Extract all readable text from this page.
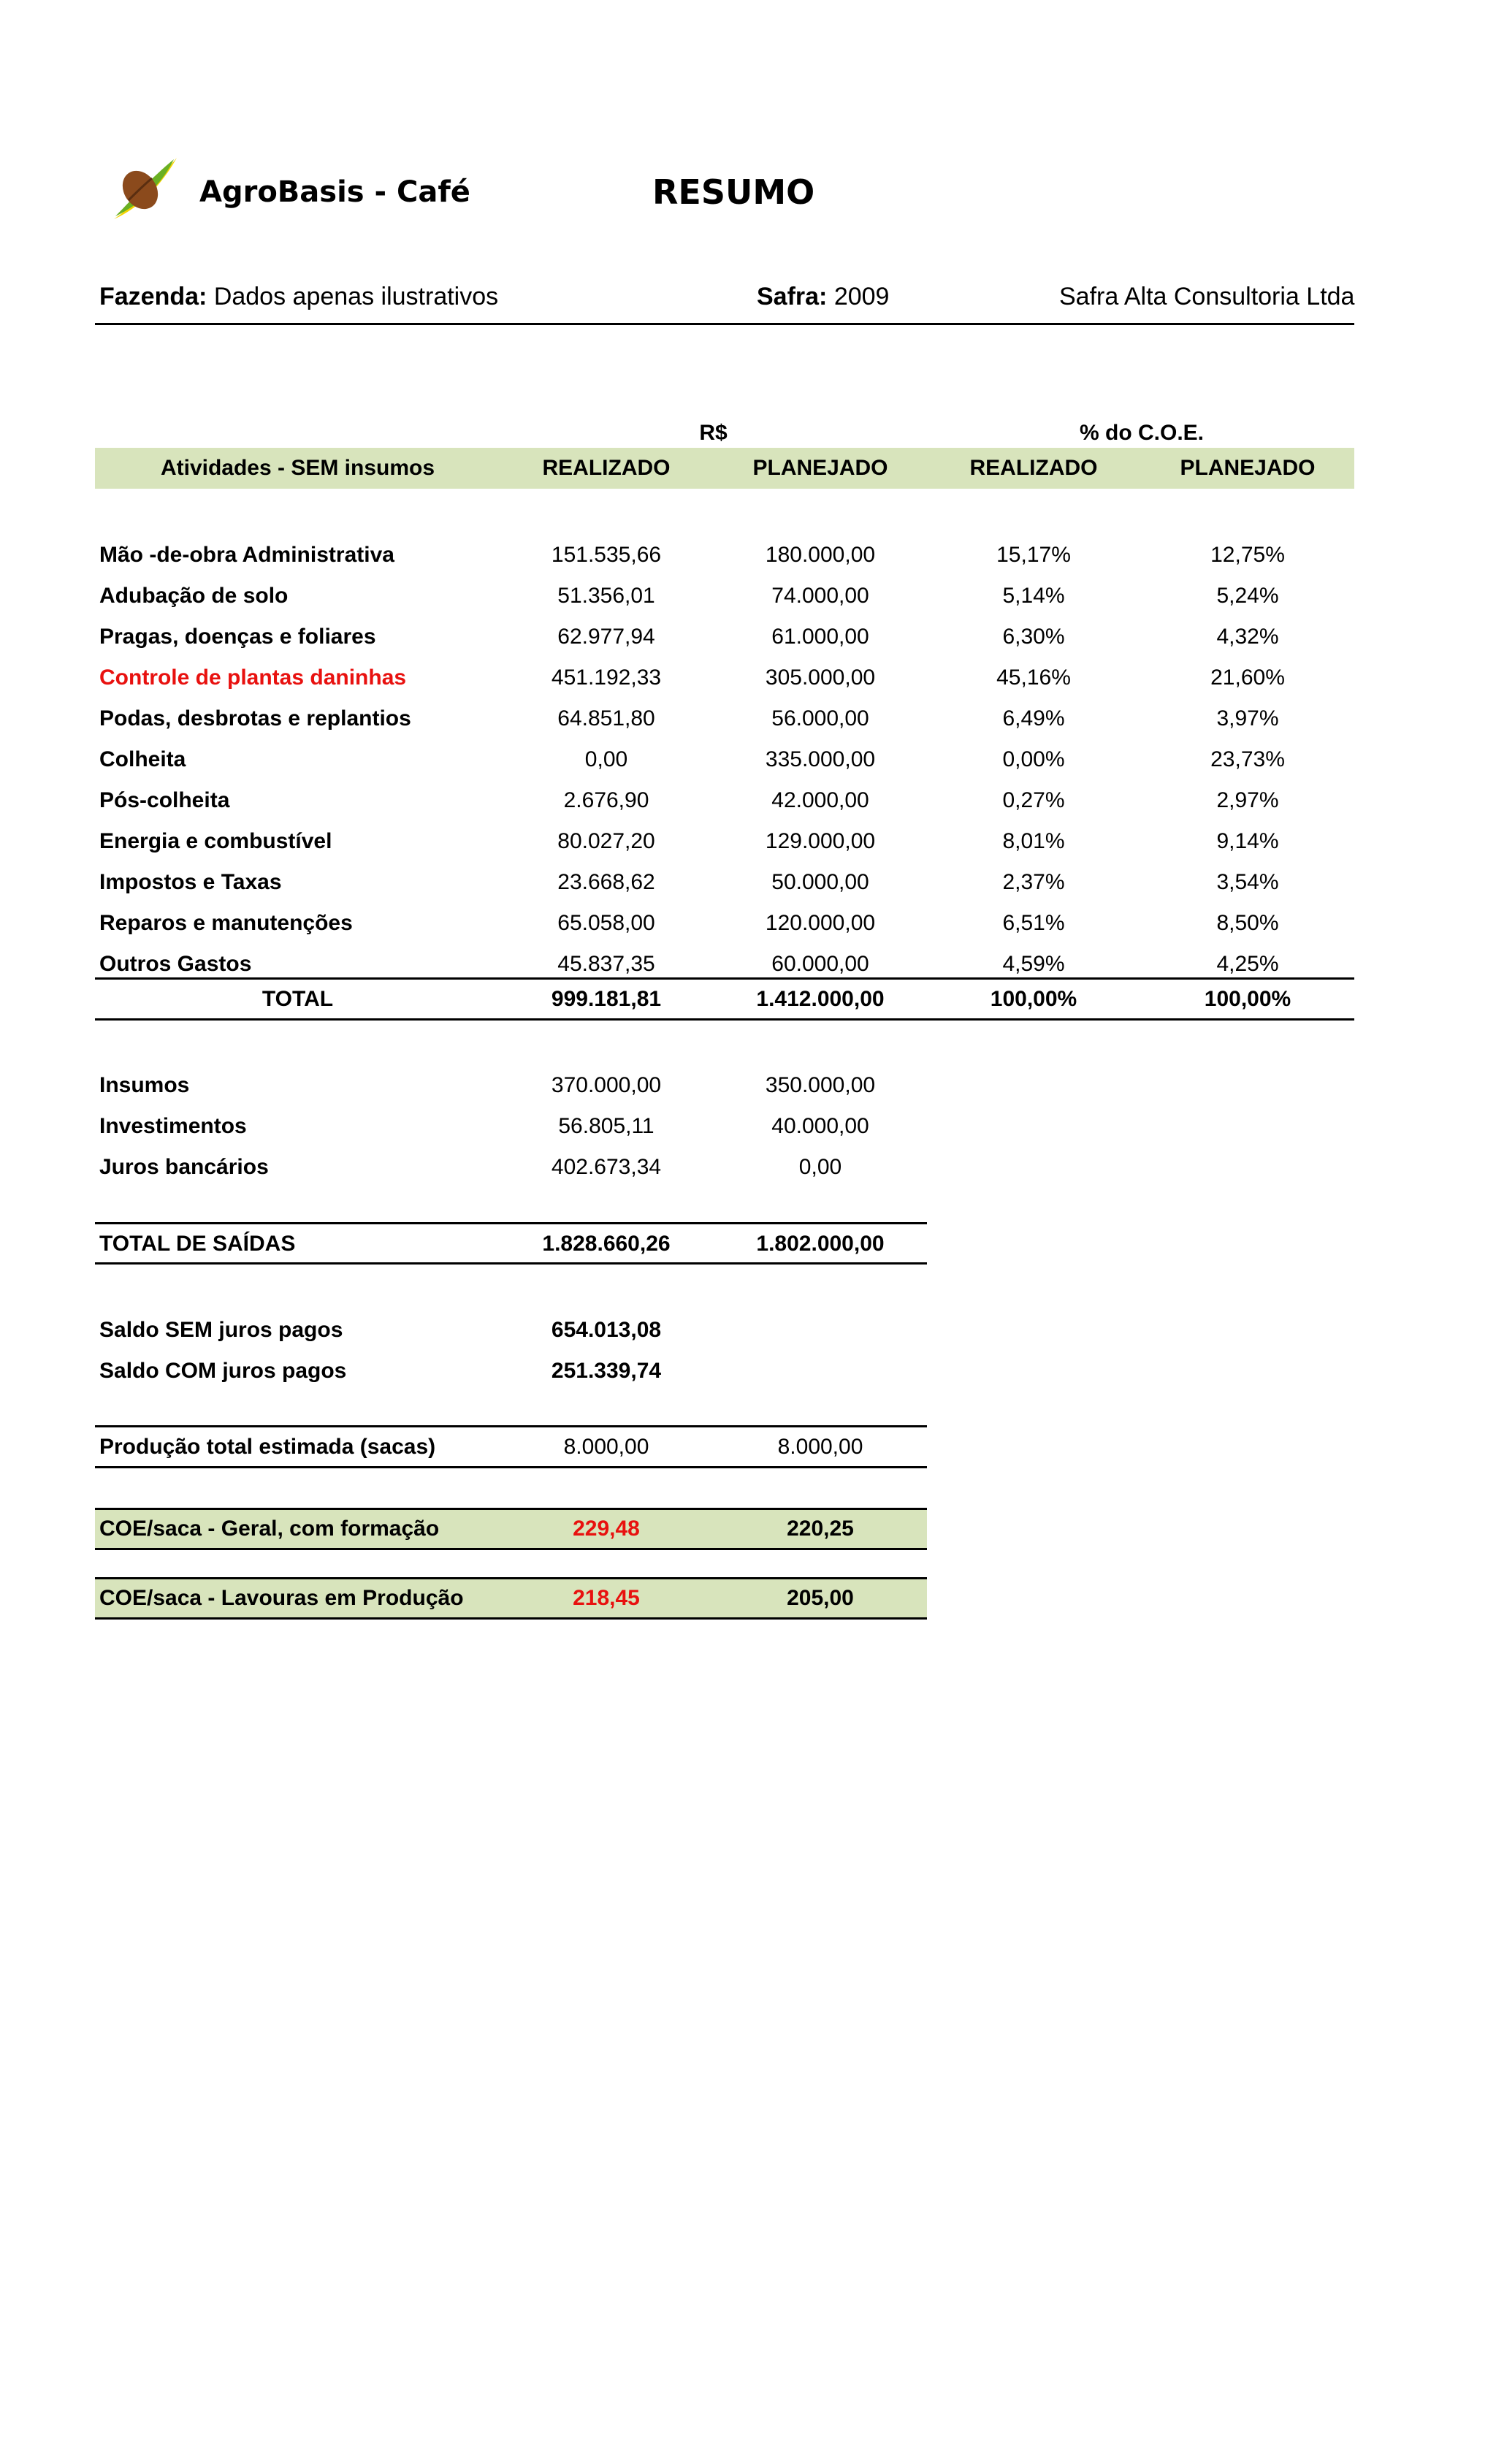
AgroBasis - Café	RESUMO
Fazenda: Dados apenas ilustrativos	Safra: 2009	Safra Alta Consultoria Ltda
R$	% do C.O.E.
Atividades - SEM insumos	REALIZADO	PLANEJADO	REALIZADO	PLANEJADO
Mão -de-obra Administrativa	151.535,66	180.000,00	15,17%	12,75%
Adubação de solo	51.356,01	74.000,00	5,14%	5,24%
Pragas, doenças e foliares	62.977,94	61.000,00	6,30%	4,32%
Controle de plantas daninhas	451.192,33	305.000,00	45,16%	21,60%
Podas, desbrotas e replantios	64.851,80	56.000,00	6,49%	3,97%
Colheita	0,00	335.000,00	0,00%	23,73%
Pós-colheita	2.676,90	42.000,00	0,27%	2,97%
Energia e combustível	80.027,20	129.000,00	8,01%	9,14%
Impostos e Taxas	23.668,62	50.000,00	2,37%	3,54%
Reparos e manutenções	65.058,00	120.000,00	6,51%	8,50%
Outros Gastos	45.837,35	60.000,00	4,59%	4,25%
TOTAL	999.181,81	1.412.000,00	100,00%	100,00%
Insumos	370.000,00	350.000,00
Investimentos	56.805,11	40.000,00
Juros bancários	402.673,34	0,00
TOTAL DE SAÍDAS	1.828.660,26	1.802.000,00
Saldo SEM juros pagos	654.013,08
Saldo COM juros pagos	251.339,74
Produção total estimada (sacas)	8.000,00	8.000,00
COE/saca - Geral, com formação	229,48	220,25
COE/saca - Lavouras em Produção	218,45	205,00
